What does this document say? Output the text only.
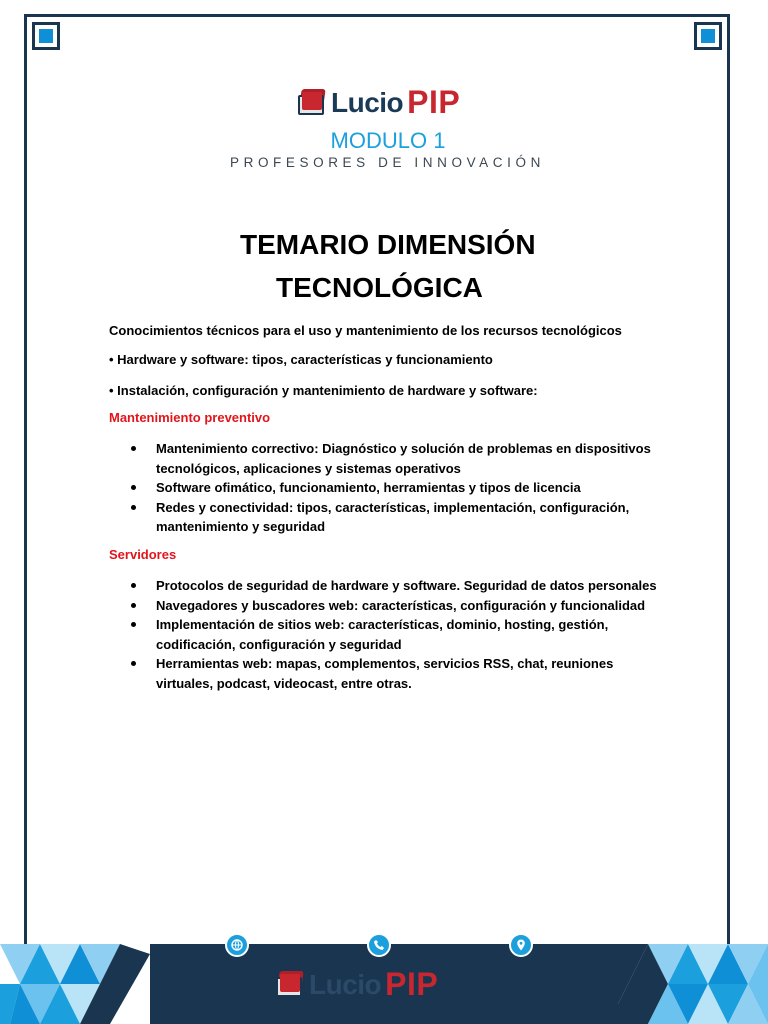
Lucio PIP
MODULO 1
PROFESORES DE INNOVACIÓN
TEMARIO DIMENSIÓN
TECNOLÓGICA
Conocimientos técnicos para el uso y mantenimiento de los recursos tecnológicos
• Hardware y software: tipos, características y funcionamiento
• Instalación, configuración y mantenimiento de hardware y software:
Mantenimiento preventivo
Mantenimiento correctivo: Diagnóstico y solución de problemas en dispositivos tecnológicos, aplicaciones y sistemas operativos
Software ofimático, funcionamiento, herramientas y tipos de licencia
Redes y conectividad: tipos, características, implementación, configuración, mantenimiento y seguridad
Servidores
Protocolos de seguridad de hardware y software. Seguridad de datos personales
Navegadores y buscadores web: características, configuración y funcionalidad
Implementación de sitios web: características, dominio, hosting, gestión, codificación, configuración y seguridad
Herramientas web: mapas, complementos, servicios RSS, chat, reuniones virtuales, podcast, videocast, entre otras.
Lucio PIP
